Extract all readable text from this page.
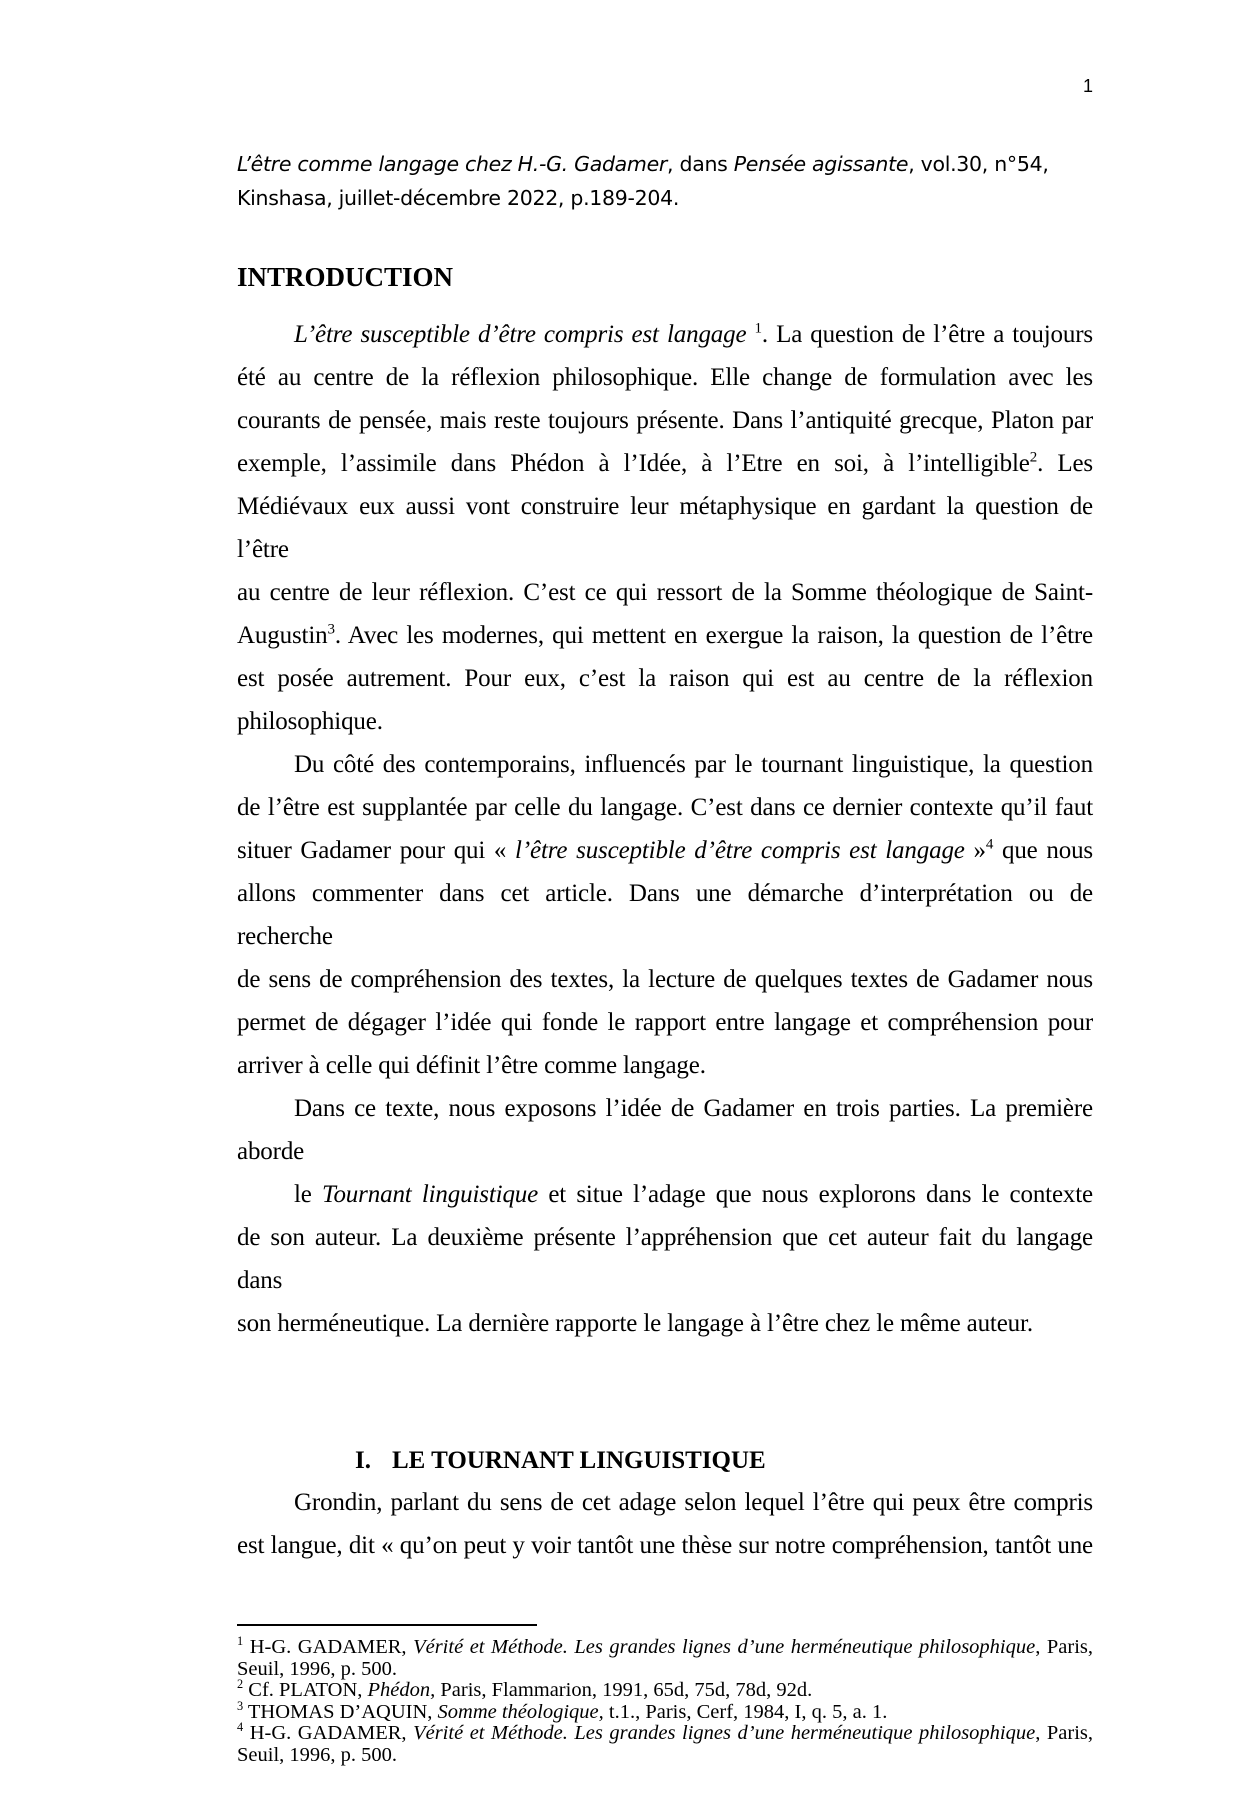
1
L’être comme langage chez H.-G. Gadamer, dans Pensée agissante, vol.30, n°54,
Kinshasa, juillet-décembre 2022, p.189-204.
INTRODUCTION
L’être susceptible d’être compris est langage $^1$. La question de l’être a toujours
été au centre de la réflexion philosophique. Elle change de formulation avec les
courants de pensée, mais reste toujours présente. Dans l’antiquité grecque, Platon par
exemple, l’assimile dans Phédon à l’Idée, à l’Etre en soi, à l’intelligible$^2$. Les
Médiévaux eux aussi vont construire leur métaphysique en gardant la question de l’être
au centre de leur réflexion. C’est ce qui ressort de la Somme théologique de Saint-
Augustin$^3$. Avec les modernes, qui mettent en exergue la raison, la question de l’être
est posée autrement. Pour eux, c’est la raison qui est au centre de la réflexion
philosophique.
Du côté des contemporains, influencés par le tournant linguistique, la question
de l’être est supplantée par celle du langage. C’est dans ce dernier contexte qu’il faut
situer Gadamer pour qui « l’être susceptible d’être compris est langage »$^4$ que nous
allons commenter dans cet article. Dans une démarche d’interprétation ou de recherche
de sens de compréhension des textes, la lecture de quelques textes de Gadamer nous
permet de dégager l’idée qui fonde le rapport entre langage et compréhension pour
arriver à celle qui définit l’être comme langage.
Dans ce texte, nous exposons l’idée de Gadamer en trois parties. La première
aborde
le Tournant linguistique et situe l’adage que nous explorons dans le contexte
de son auteur. La deuxième présente l’appréhension que cet auteur fait du langage dans
son herméneutique. La dernière rapporte le langage à l’être chez le même auteur.
I. LE TOURNANT LINGUISTIQUE
Grondin, parlant du sens de cet adage selon lequel l’être qui peux être compris
est langue, dit « qu’on peut y voir tantôt une thèse sur notre compréhension, tantôt une
$^1$ H-G. GADAMER, Vérité et Méthode. Les grandes lignes d’une herméneutique philosophique, Paris, Seuil, 1996, p. 500.
$^2$ Cf. PLATON, Phédon, Paris, Flammarion, 1991, 65d, 75d, 78d, 92d.
$^3$ THOMAS D’AQUIN, Somme théologique, t.1., Paris, Cerf, 1984, I, q. 5, a. 1.
$^4$ H-G. GADAMER, Vérité et Méthode. Les grandes lignes d’une herméneutique philosophique, Paris, Seuil, 1996, p. 500.
